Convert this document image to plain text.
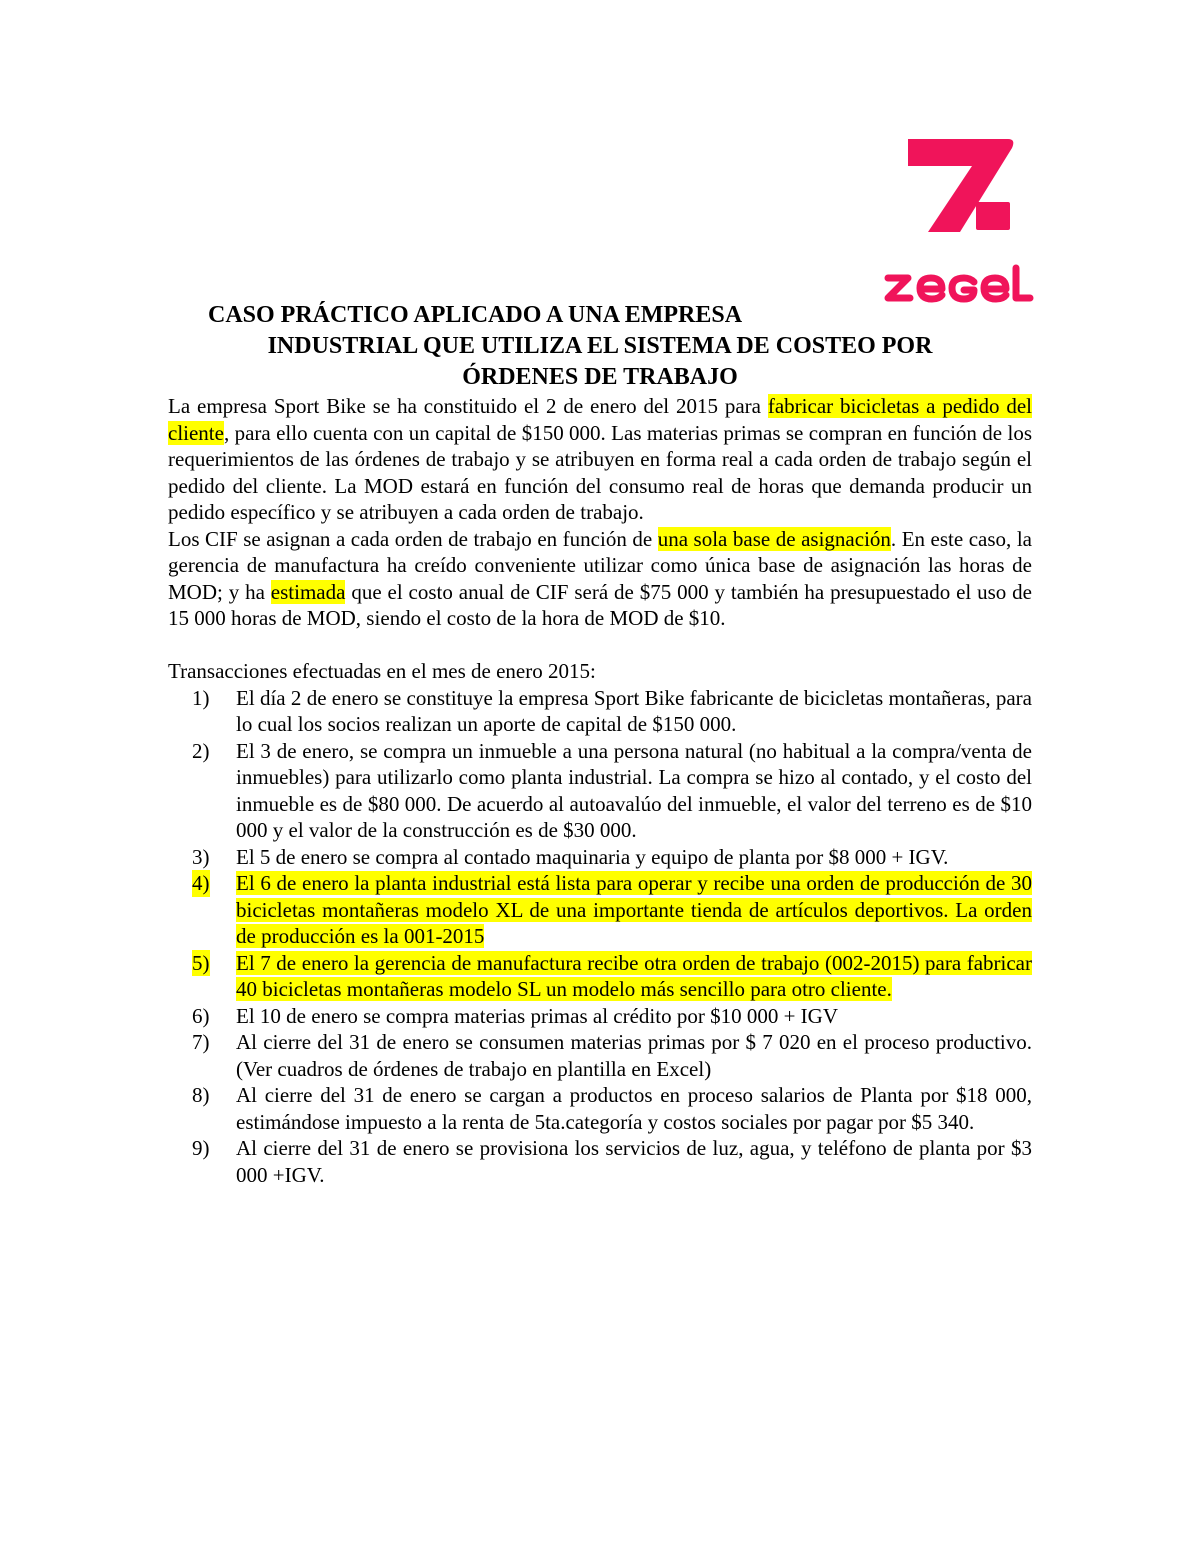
CASO PRÁCTICO APLICADO A UNA EMPRESA
INDUSTRIAL QUE UTILIZA EL SISTEMA DE COSTEO POR
ÓRDENES DE TRABAJO

La empresa Sport Bike se ha constituido el 2 de enero del 2015 para fabricar bicicletas a pedido del cliente, para ello cuenta con un capital de $150 000. Las materias primas se compran en función de los requerimientos de las órdenes de trabajo y se atribuyen en forma real a cada orden de trabajo según el pedido del cliente. La MOD estará en función del consumo real de horas que demanda producir un pedido específico y se atribuyen a cada orden de trabajo.

Los CIF se asignan a cada orden de trabajo en función de una sola base de asignación. En este caso, la gerencia de manufactura ha creído conveniente utilizar como única base de asignación las horas de MOD; y ha estimada que el costo anual de CIF será de $75 000 y también ha presupuestado el uso de 15 000 horas de MOD, siendo el costo de la hora de MOD de $10.

Transacciones efectuadas en el mes de enero 2015:

1) El día 2 de enero se constituye la empresa Sport Bike fabricante de bicicletas montañeras, para lo cual los socios realizan un aporte de capital de $150 000.
2) El 3 de enero, se compra un inmueble a una persona natural (no habitual a la compra/venta de inmuebles) para utilizarlo como planta industrial. La compra se hizo al contado, y el costo del inmueble es de $80 000. De acuerdo al autoavalúo del inmueble, el valor del terreno es de $10 000 y el valor de la construcción es de $30 000.
3) El 5 de enero se compra al contado maquinaria y equipo de planta por $8 000 + IGV.
4) El 6 de enero la planta industrial está lista para operar y recibe una orden de producción de 30 bicicletas montañeras modelo XL de una importante tienda de artículos deportivos. La orden de producción es la 001-2015
5) El 7 de enero la gerencia de manufactura recibe otra orden de trabajo (002-2015) para fabricar 40 bicicletas montañeras modelo SL un modelo más sencillo para otro cliente.
6) El 10 de enero se compra materias primas al crédito por $10 000 + IGV
7) Al cierre del 31 de enero se consumen materias primas por $ 7 020 en el proceso productivo. (Ver cuadros de órdenes de trabajo en plantilla en Excel)
8) Al cierre del 31 de enero se cargan a productos en proceso salarios de Planta por $18 000, estimándose impuesto a la renta de 5ta.categoría y costos sociales por pagar por $5 340.
9) Al cierre del 31 de enero se provisiona los servicios de luz, agua, y teléfono de planta por $3 000 +IGV.
